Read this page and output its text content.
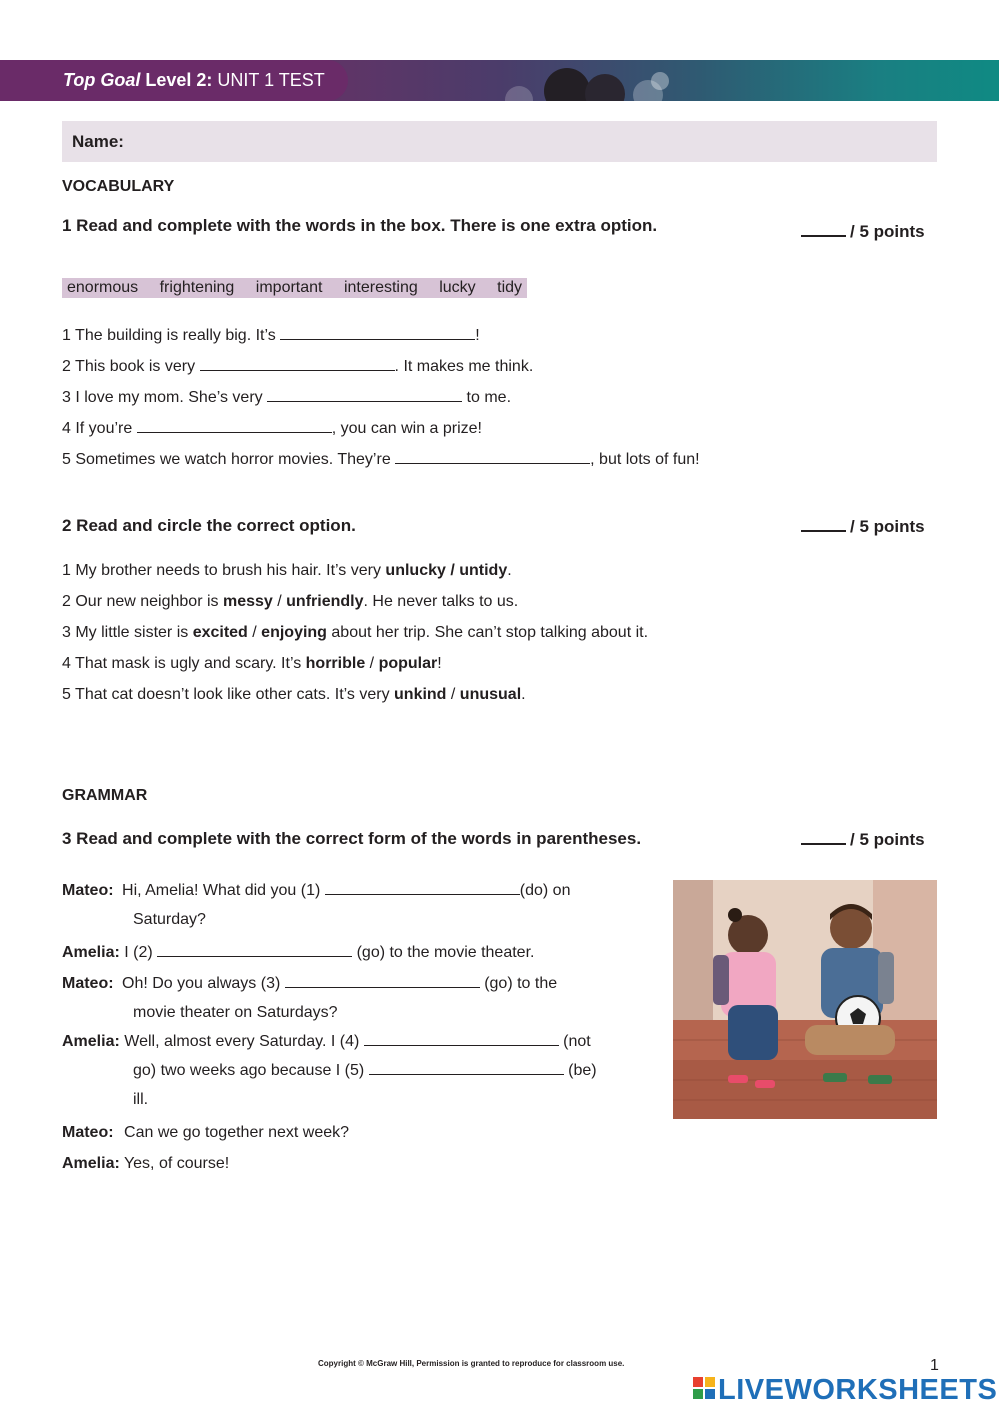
Top Goal Level 2: UNIT 1 TEST
Name:
VOCABULARY
1 Read and complete with the words in the box. There is one extra option.	/ 5 points
enormous frightening important interesting lucky tidy
1 The building is really big. It’s	!
2 This book is very	. It makes me think.
3 I love my mom. She’s very	to me.
4 If you’re	, you can win a prize!
5 Sometimes we watch horror movies. They’re	, but lots of fun!
2 Read and circle the correct option.	/ 5 points
1 My brother needs to brush his hair. It’s very unlucky / untidy.
2 Our new neighbor is messy / unfriendly. He never talks to us.
3 My little sister is excited / enjoying about her trip. She can’t stop talking about it.
4 That mask is ugly and scary. It’s horrible / popular!
5 That cat doesn’t look like other cats. It’s very unkind / unusual.
GRAMMAR
3 Read and complete with the correct form of the words in parentheses.	/ 5 points
Mateo: Hi, Amelia! What did you (1)	(do) on
Saturday?
Amelia: I (2)	(go) to the movie theater.
Mateo: Oh! Do you always (3)	(go) to the
movie theater on Saturdays?
Amelia: Well, almost every Saturday. I (4)	(not
go) two weeks ago because I (5)	(be)
ill.
Mateo: Can we go together next week?
Amelia: Yes, of course!
Copyright © McGraw Hill, Permission is granted to reproduce for classroom use.	1
LIVEWORKSHEETS
